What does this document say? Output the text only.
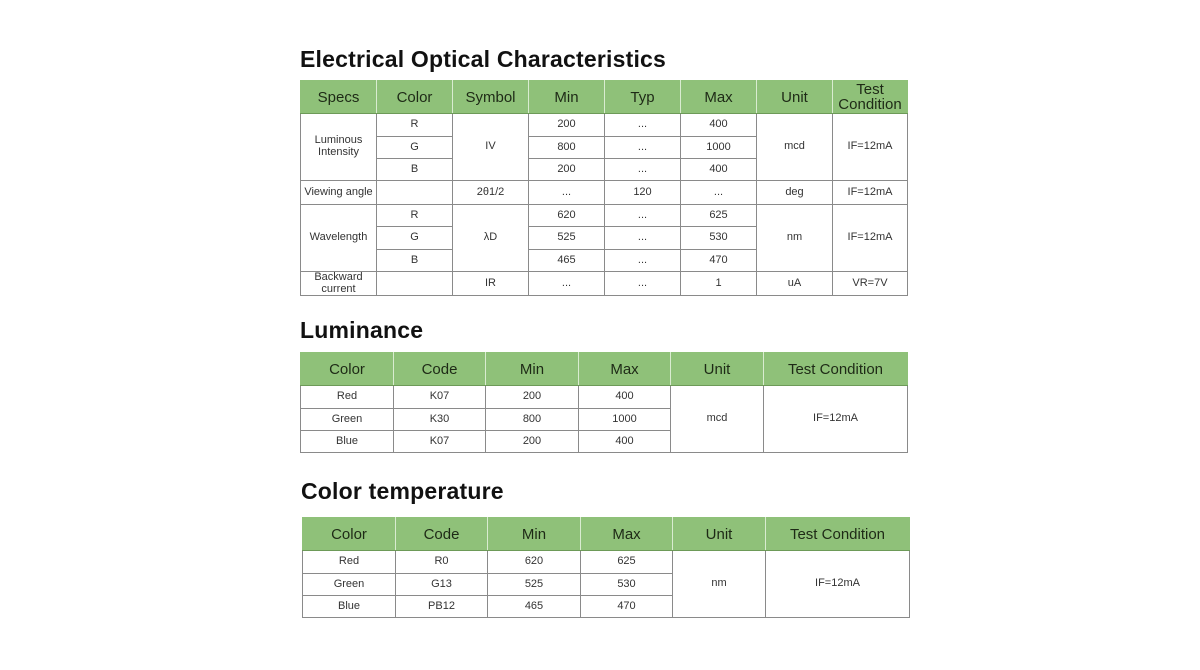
Electrical Optical Characteristics
Specs	Color	Symbol	Min	Typ	Max	Unit	Test Condition
Luminous Intensity	R	IV	200	...	400	mcd	IF=12mA
	G		800	...	1000		
	B		200	...	400		
Viewing angle		2θ1/2	...	120	...	deg	IF=12mA
Wavelength	R	λD	620	...	625	nm	IF=12mA
	G		525	...	530		
	B		465	...	470		
Backward current		IR	...	...	1	uA	VR=7V
Luminance
Color	Code	Min	Max	Unit	Test Condition
Red	K07	200	400	mcd	IF=12mA
Green	K30	800	1000		
Blue	K07	200	400		
Color temperature
Color	Code	Min	Max	Unit	Test Condition
Red	R0	620	625	nm	IF=12mA
Green	G13	525	530		
Blue	PB12	465	470		
